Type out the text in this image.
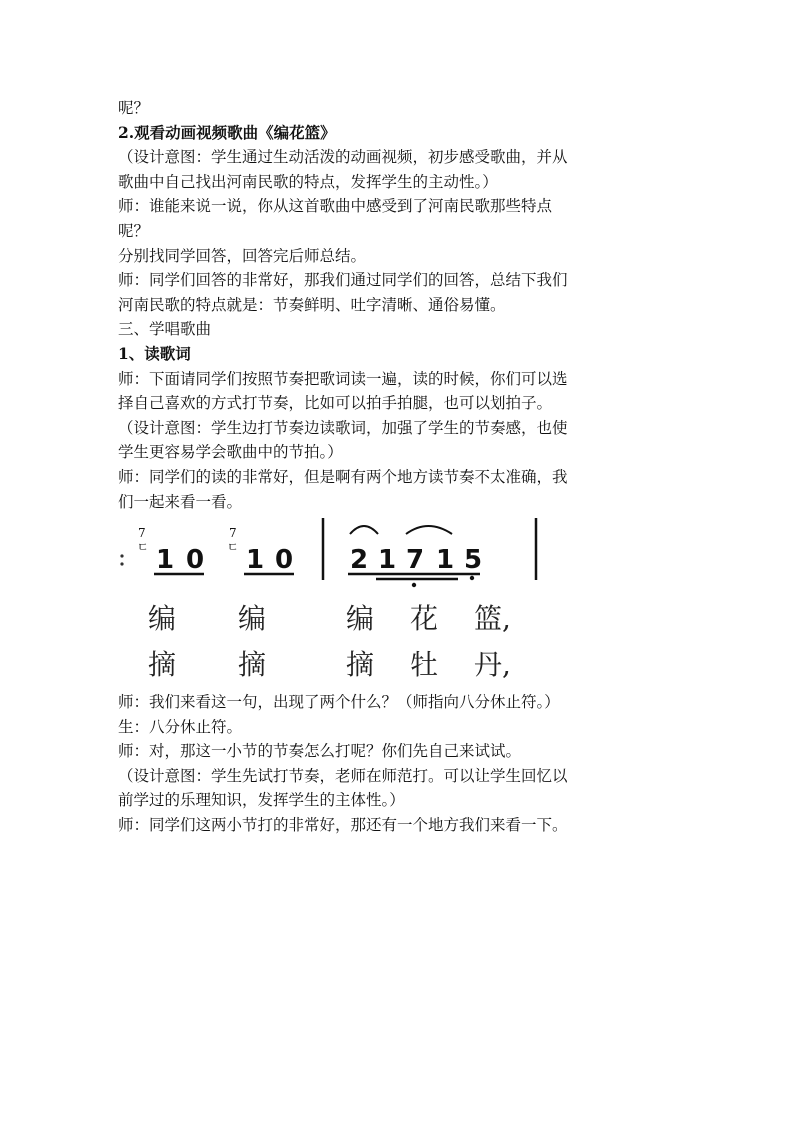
呢？
2.观看动画视频歌曲《编花篮》
（设计意图：学生通过生动活泼的动画视频，初步感受歌曲，并从
歌曲中自己找出河南民歌的特点，发挥学生的主动性。）
师：谁能来说一说，你从这首歌曲中感受到了河南民歌那些特点
呢？
分别找同学回答，回答完后师总结。
师：同学们回答的非常好，那我们通过同学们的回答，总结下我们
河南民歌的特点就是：节奏鲜明、吐字清晰、通俗易懂。
三、学唱歌曲
1、读歌词
师：下面请同学们按照节奏把歌词读一遍，读的时候，你们可以选
择自己喜欢的方式打节奏，比如可以拍手拍腿，也可以划拍子。
（设计意图：学生边打节奏边读歌词，加强了学生的节奏感，也使
学生更容易学会歌曲中的节拍。）
师：同学们的读的非常好，但是啊有两个地方读节奏不太准确，我
们一起来看一看。
7
ㄷ
7
ㄷ
1 0 1 0 2 1 7 1 5
编 编	编 花 篮,
摘 摘	摘 牡 丹,
师：我们来看这一句，出现了两个什么？（师指向八分休止符。）
生：八分休止符。
师：对，那这一小节的节奏怎么打呢？你们先自己来试试。
（设计意图：学生先试打节奏，老师在师范打。可以让学生回忆以
前学过的乐理知识，发挥学生的主体性。）
师：同学们这两小节打的非常好，那还有一个地方我们来看一下。
